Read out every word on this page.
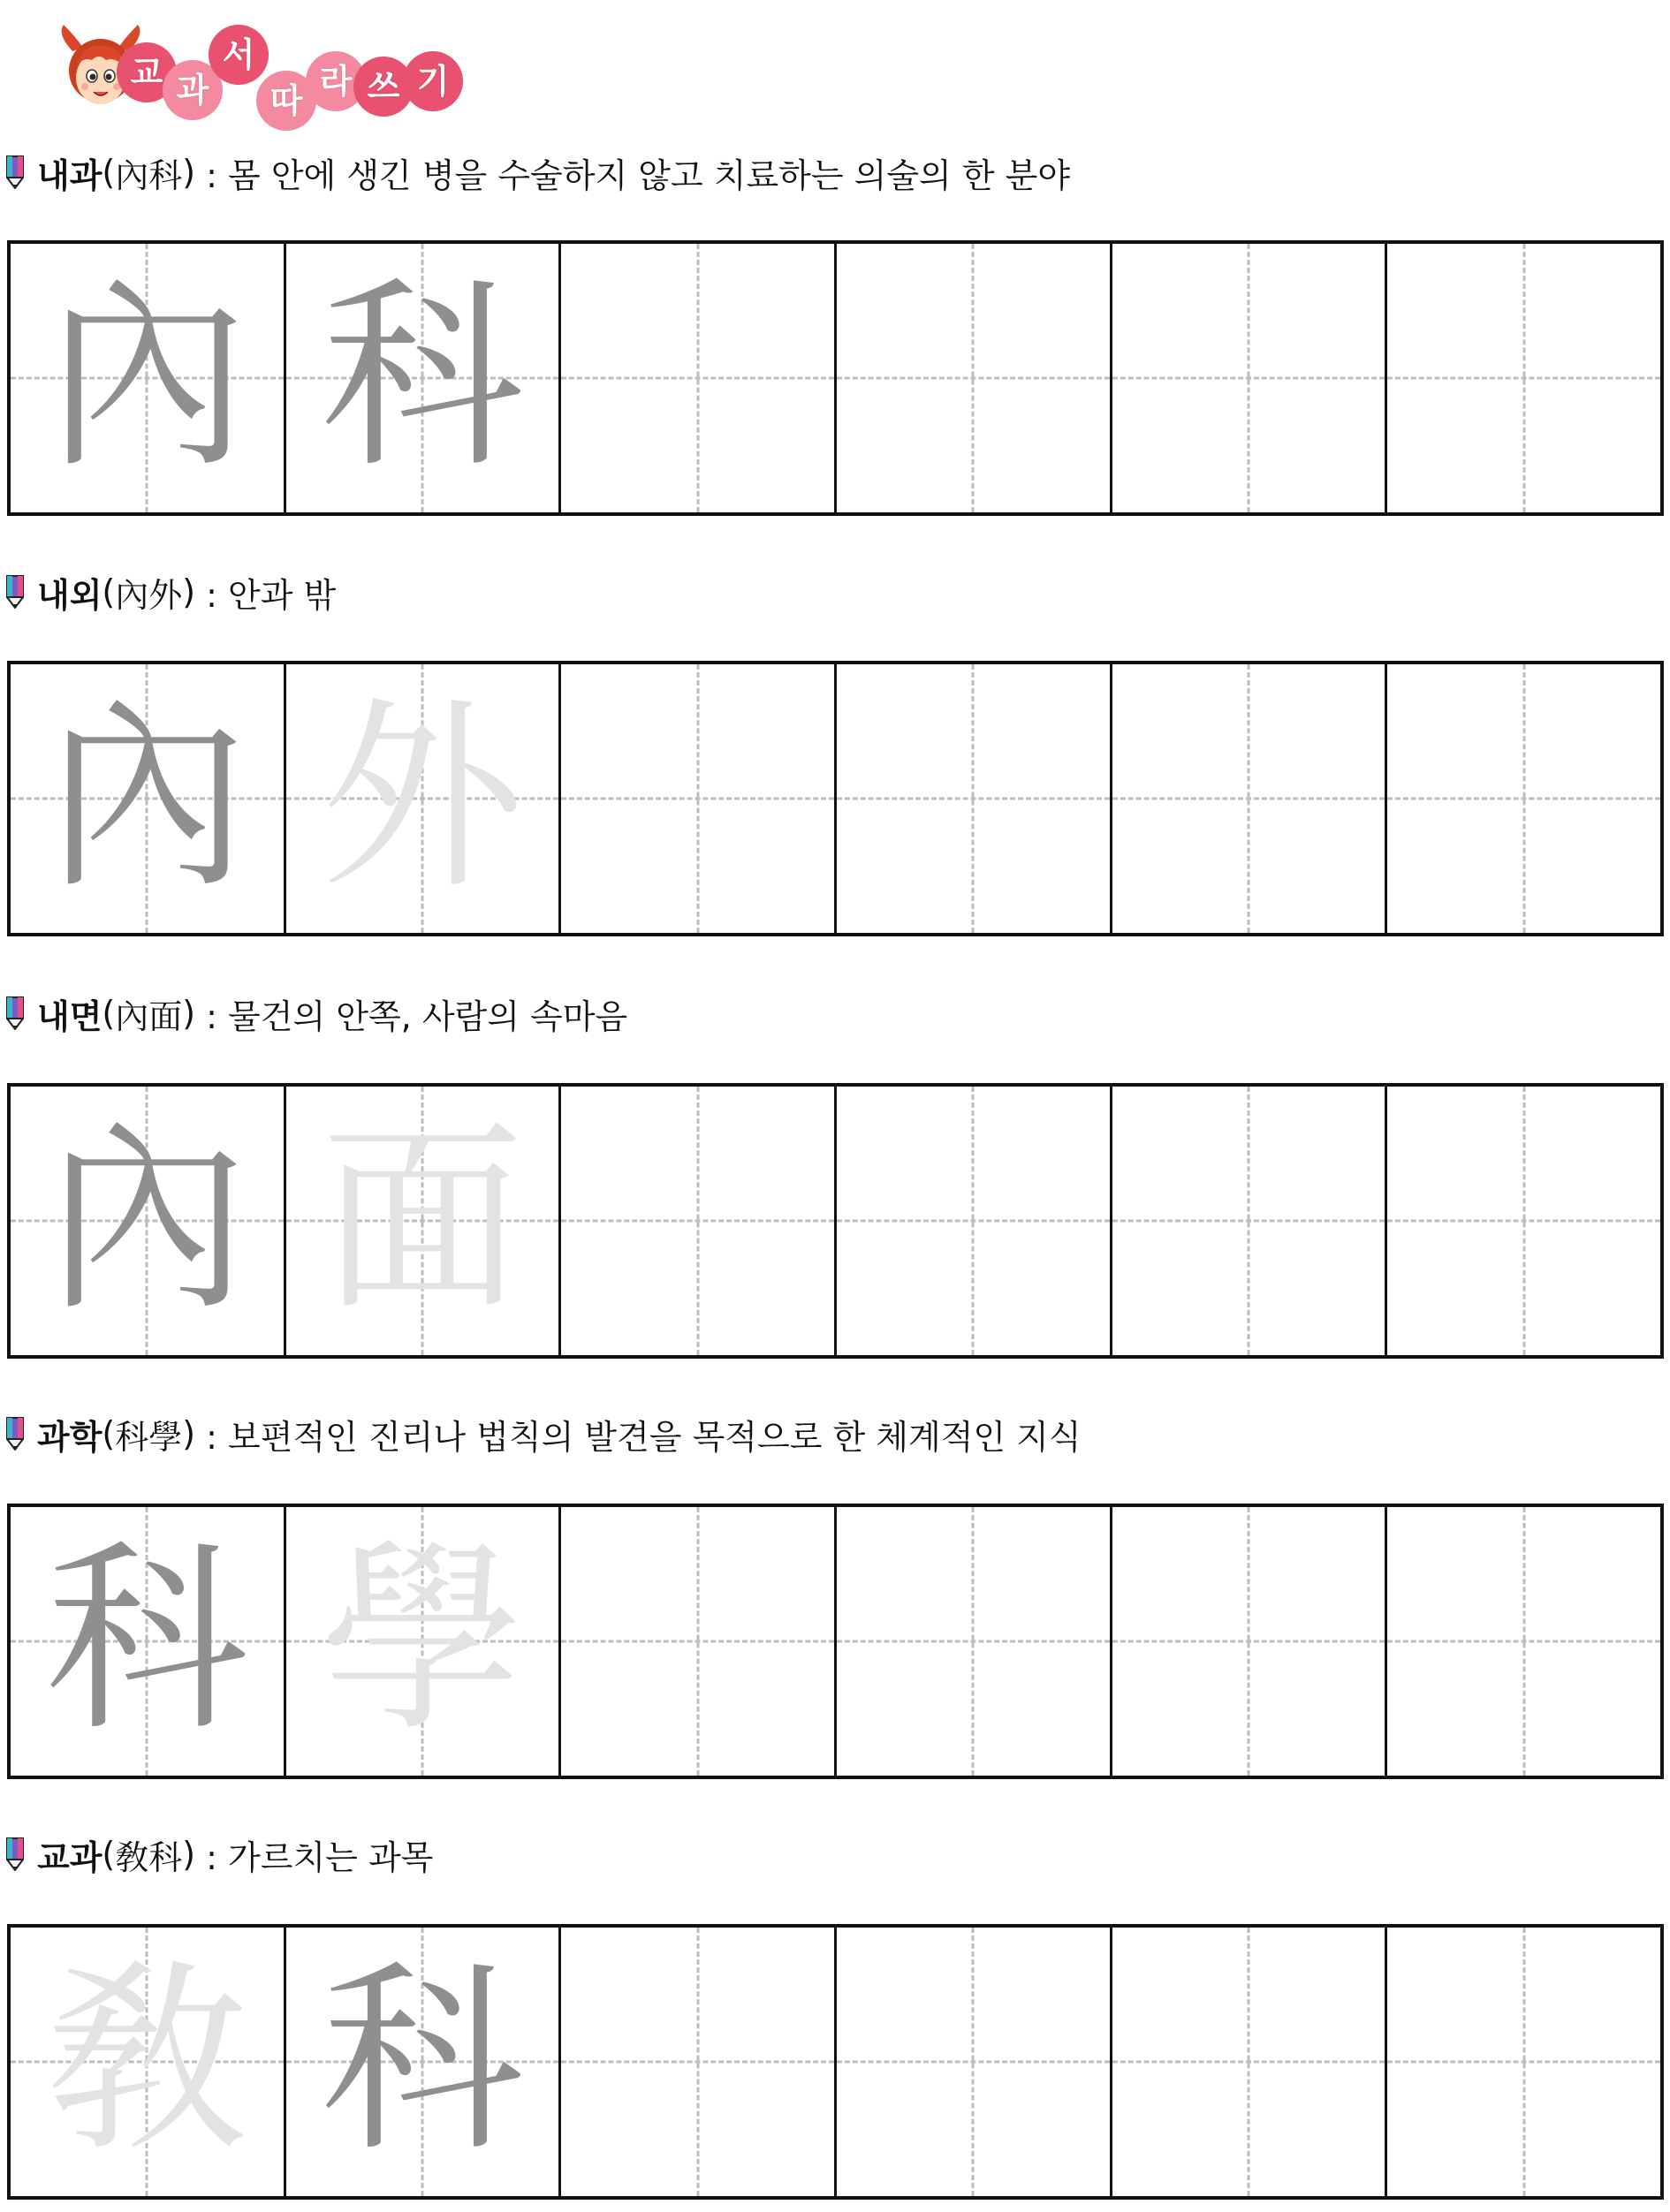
교 과
서
따 라 쓰 기
내과 ( 內科 ) : 몸 안에 생긴 병을 수술하지 않고 치료하는 의술의 한 분야
內 科
내외 ( 內外 ) : 안과 밖
內 外
내면 ( 內面 ) : 물건의 안쪽, 사람의 속마음
內 面
과학 ( 科學 ) : 보편적인 진리나 법칙의 발견을 목적으로 한 체계적인 지식
科 學
교과 ( 敎科 ) : 가르치는 과목
敎 科
